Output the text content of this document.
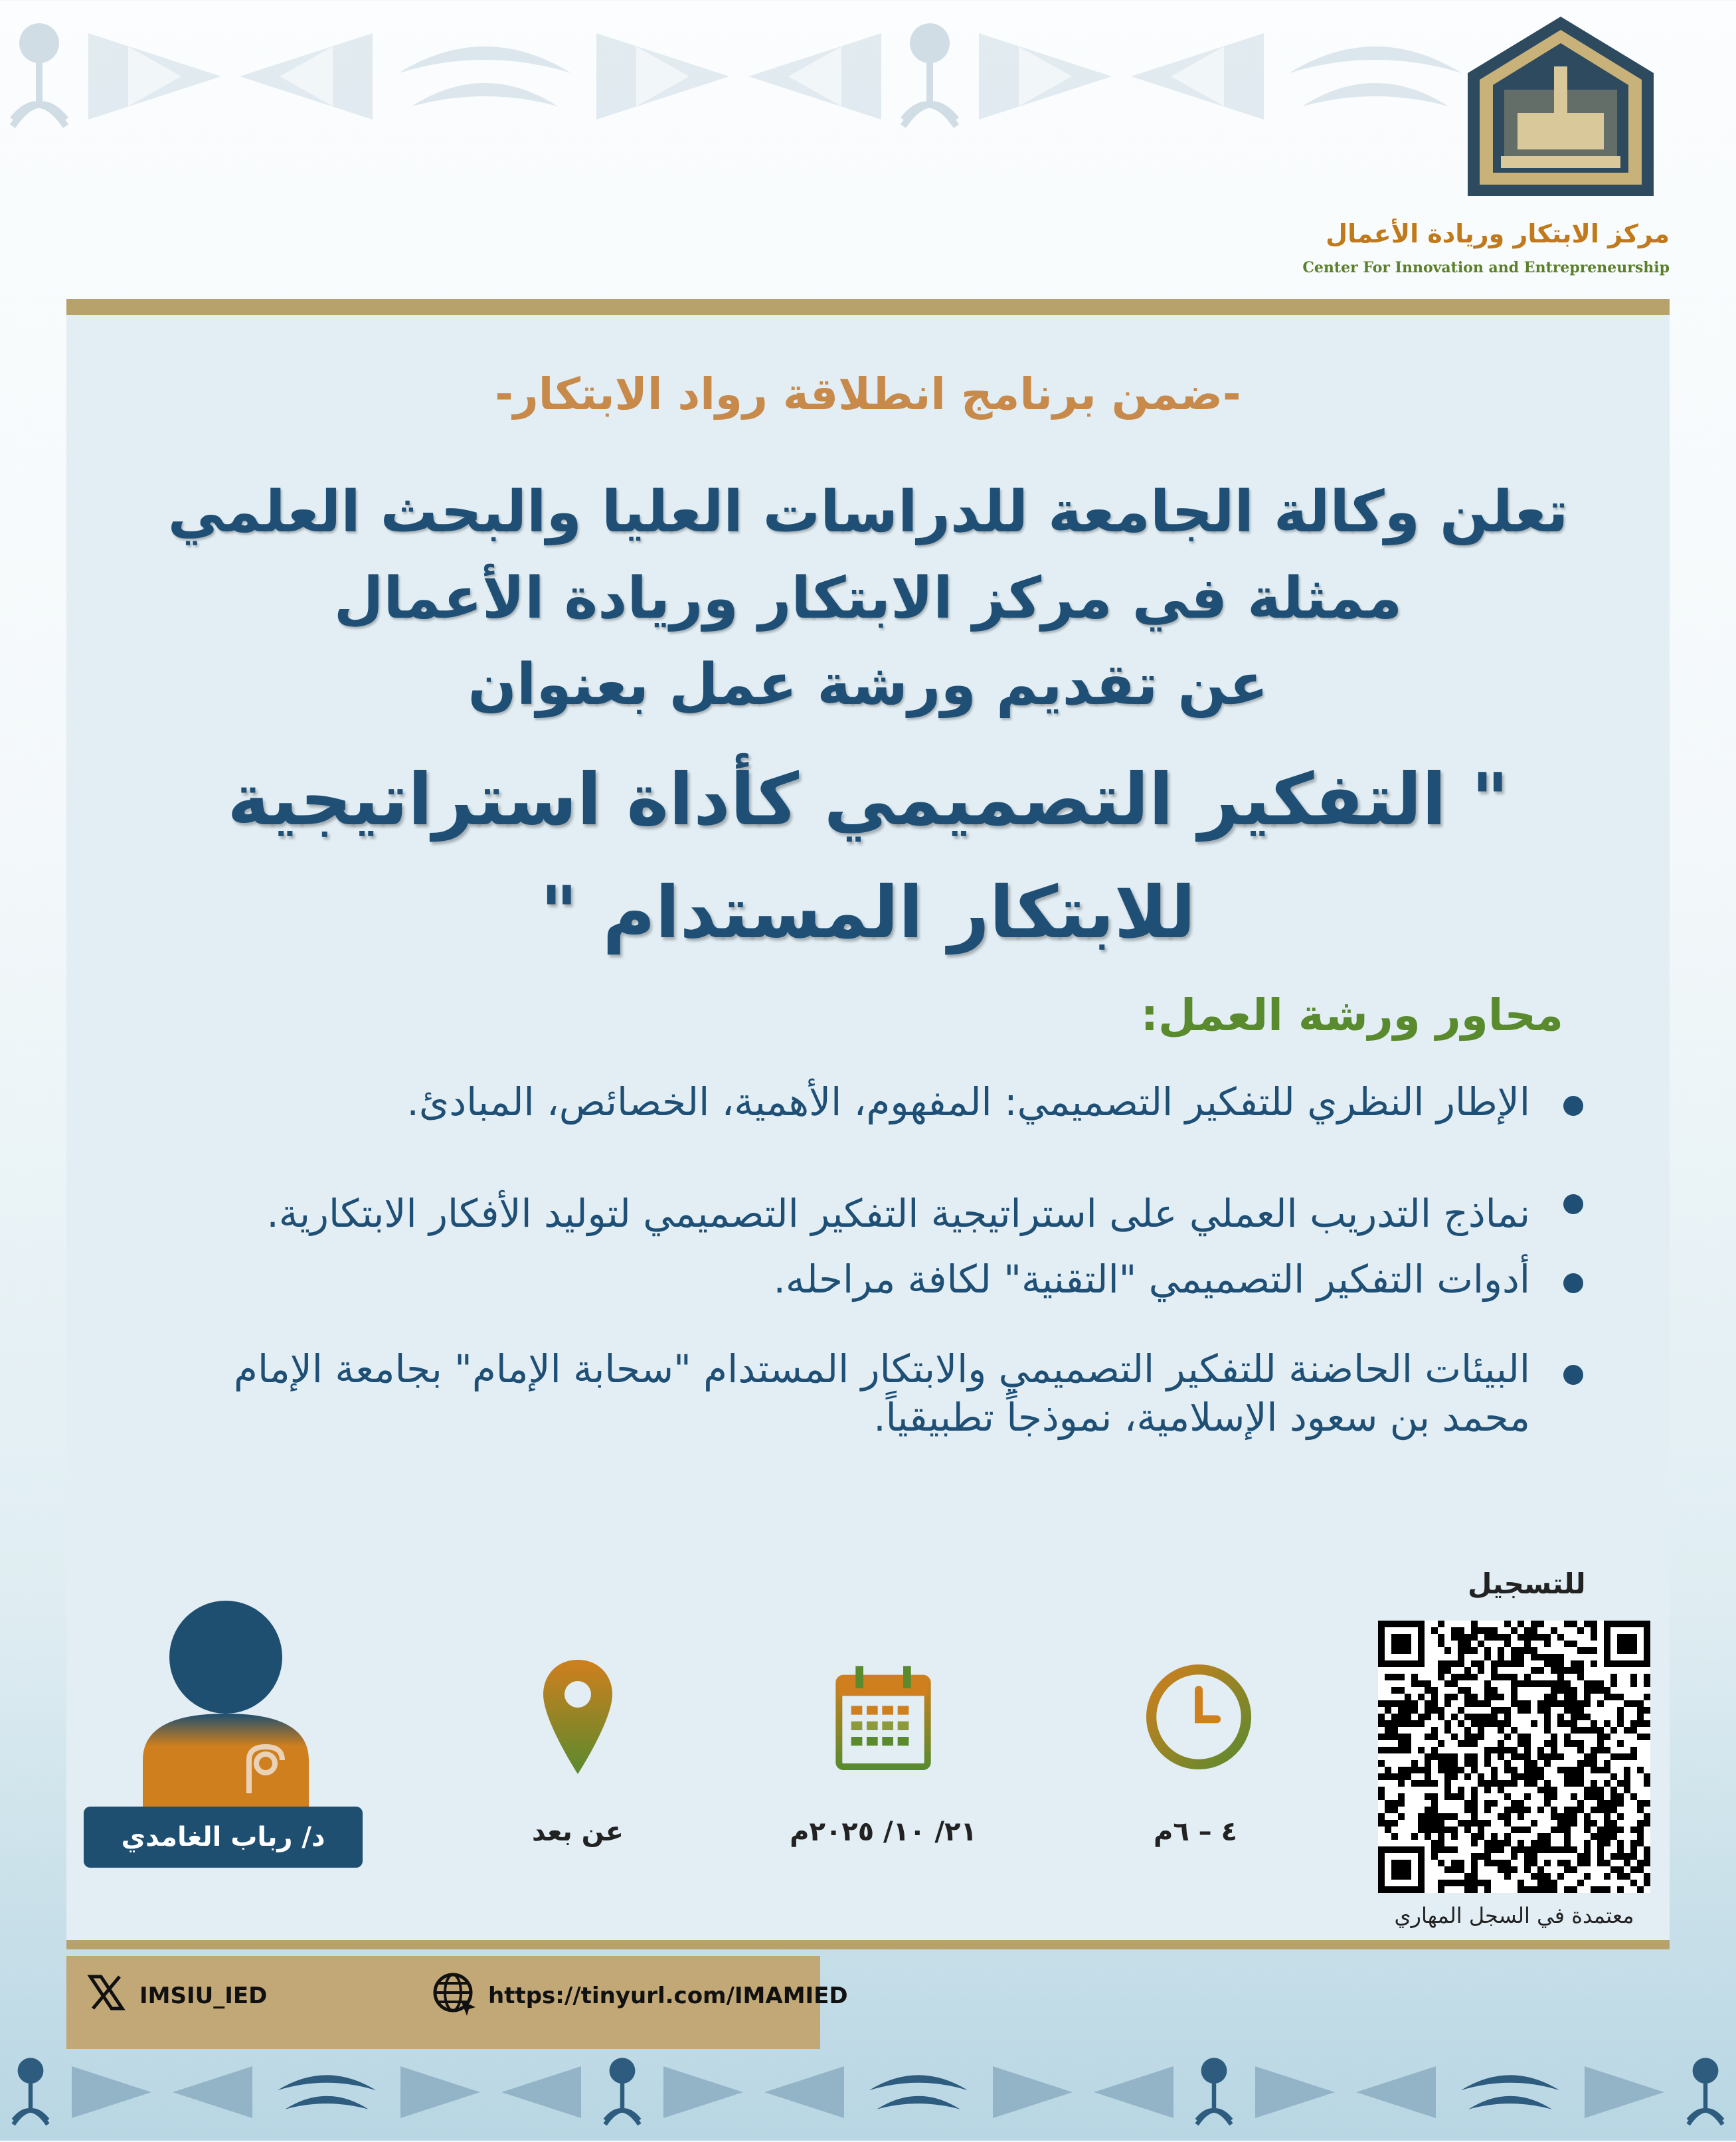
مركز الابتكار وريادة الأعمال
Center For Innovation and Entrepreneurship
-ضمن برنامج انطلاقة رواد الابتكار-
تعلن وكالة الجامعة للدراسات العليا والبحث العلمي
ممثلة في مركز الابتكار وريادة الأعمال
عن تقديم ورشة عمل بعنوان
" التفكير التصميمي كأداة استراتيجية
للابتكار المستدام "
محاور ورشة العمل:
الإطار النظري للتفكير التصميمي: المفهوم، الأهمية، الخصائص، المبادئ.
نماذج التدريب العملي على استراتيجية التفكير التصميمي لتوليد الأفكار الابتكارية.
أدوات التفكير التصميمي "التقنية" لكافة مراحله.
البيئات الحاضنة للتفكير التصميمي والابتكار المستدام "سحابة الإمام" بجامعة الإمام محمد بن سعود الإسلامية، نموذجاً تطبيقياً.
للتسجيل
معتمدة في السجل المهاري
٤ – ٦م
٢١/ ١٠/ ٢٠٢٥م
عن بعد
د/ رباب الغامدي
IMSIU_IED	https://tinyurl.com/IMAMIED
